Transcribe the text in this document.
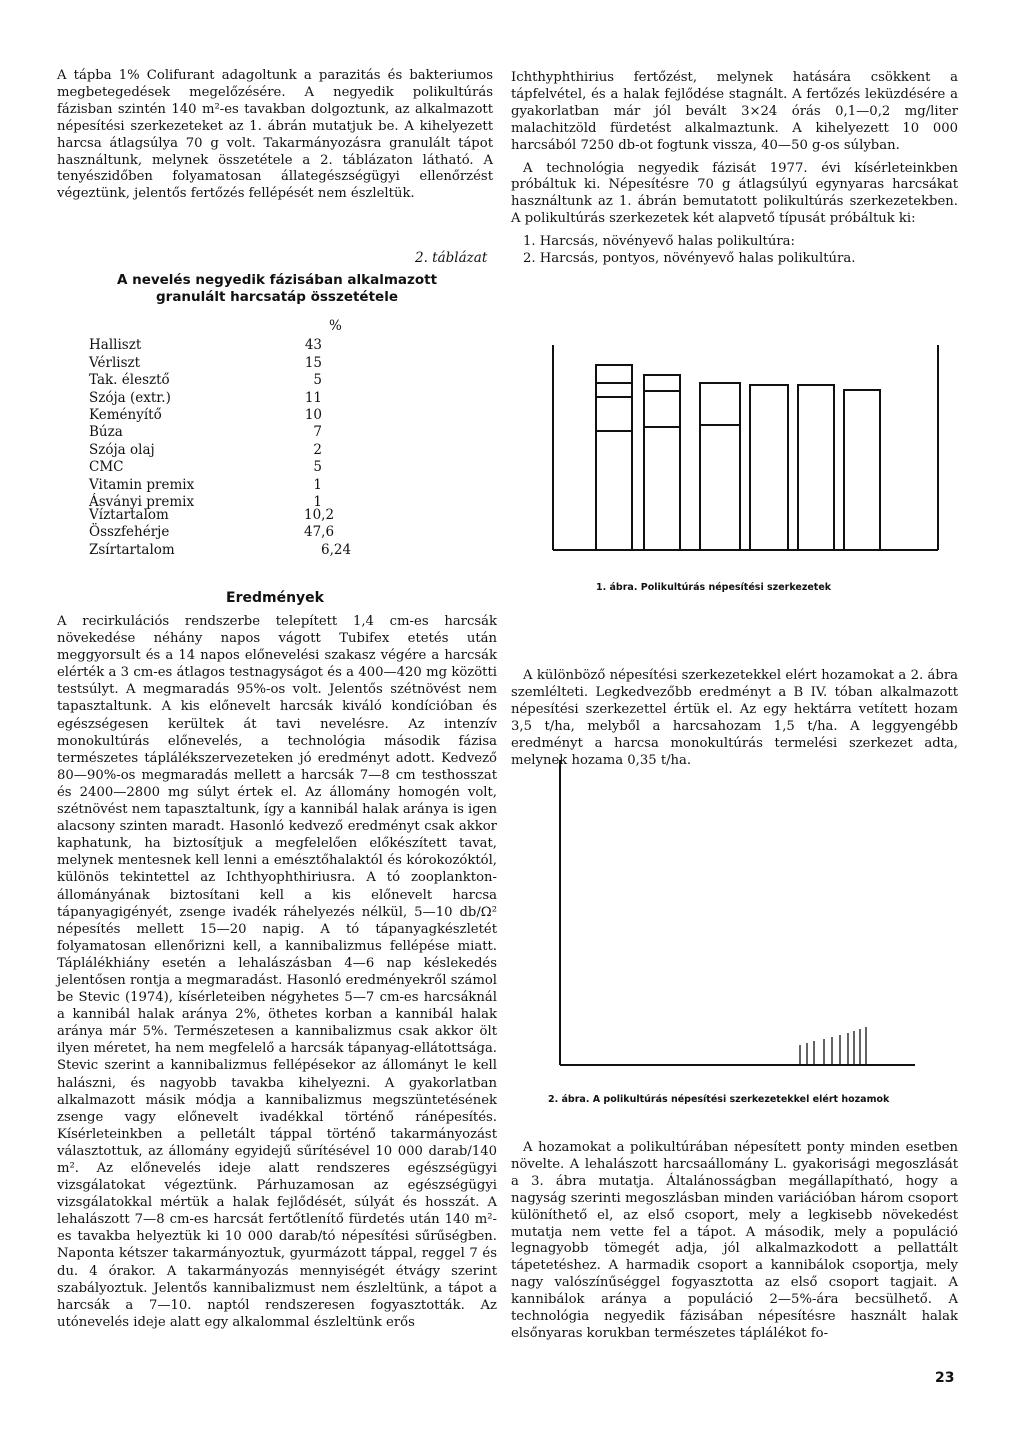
A tápba 1% Colifurant adagoltunk a parazitás és bakteriumos megbetegedések megelőzésére. A negyedik polikultúrás fázisban szintén 140 m²-es tavakban dolgoztunk, az alkalmazott népesítési szerkezeteket az 1. ábrán mutatjuk be. A kihelyezett harcsa átlagsúlya 70 g volt. Takarmányozásra granulált tápot használtunk, melynek összetétele a 2. táblázaton látható. A tenyészidőben folyamatosan állategészségügyi ellenőrzést végeztünk, jelentős fertőzés fellépését nem észleltük.

2. táblázat
A nevelés negyedik fázisában alkalmazott
granulált harcsatáp összetétele
%
Halliszt	43
Vérliszt	15
Tak. élesztő	5
Szója (extr.)	11
Keményítő	10
Búza	7
Szója olaj	2
CMC	5
Vitamin premix	1
Ásványi premix	1
Víztartalom	10,2
Összfehérje	47,6
Zsírtartalom	6,24
Eredmények

A recirkulációs rendszerbe telepített 1,4 cm-es harcsák növekedése néhány napos vágott Tubifex etetés után meggyorsult és a 14 napos előnevelési szakasz végére a harcsák elérték a 3 cm-es átlagos testnagyságot és a 400—420 mg közötti testsúlyt. A megmaradás 95%-os volt. Jelentős szétnövést nem tapasztaltunk. A kis előnevelt harcsák kiváló kondícióban és egészségesen kerültek át tavi nevelésre. Az intenzív monokultúrás előnevelés, a technológia második fázisa természetes táplálékszervezeteken jó eredményt adott. Kedvező 80—90%-os megmaradás mellett a harcsák 7—8 cm testhosszat és 2400—2800 mg súlyt értek el. Az állomány homogén volt, szétnövést nem tapasztaltunk, így a kannibál halak aránya is igen alacsony szinten maradt. Hasonló kedvező eredményt csak akkor kaphatunk, ha biztosítjuk a megfelelően előkészített tavat, melynek mentesnek kell lenni a emésztőhalaktól és kórokozóktól, különös tekintettel az Ichthyophthiriusra. A tó zooplankton-állományának biztosítani kell a kis előnevelt harcsa tápanyagigényét, zsenge ivadék ráhelyezés nélkül, 5—10 db/Ω² népesítés mellett 15—20 napig. A tó tápanyagkészletét folyamatosan ellenőrizni kell, a kannibalizmus fellépése miatt. Táplálékhiány esetén a lehalászásban 4—6 nap késlekedés jelentősen rontja a megmaradást. Hasonló eredményekről számol be Stevic (1974), kísérleteiben négyhetes 5—7 cm-es harcsáknál a kannibál halak aránya 2%, öthetes korban a kannibál halak aránya már 5%. Természetesen a kannibalizmus csak akkor ölt ilyen méretet, ha nem megfelelő a harcsák tápanyag-ellátottsága. Stevic szerint a kannibalizmus fellépésekor az állományt le kell halászni, és nagyobb tavakba kihelyezni. A gyakorlatban alkalmazott másik módja a kannibalizmus megszüntetésének zsenge vagy előnevelt ivadékkal történő ránépesítés. Kísérleteinkben a pelletált táppal történő takarmányozást választottuk, az állomány egyidejű sűrítésével 10 000 darab/140 m². Az előnevelés ideje alatt rendszeres egészségügyi vizsgálatokat végeztünk. Párhuzamosan az egészségügyi vizsgálatokkal mértük a halak fejlődését, súlyát és hosszát. A lehalászott 7—8 cm-es harcsát fertőtlenítő fürdetés után 140 m²-es tavakba helyeztük ki 10 000 darab/tó népesítési sűrűségben. Naponta kétszer takarmányoztuk, gyurmázott táppal, reggel 7 és du. 4 órakor. A takarmányozás mennyiségét étvágy szerint szabályoztuk. Jelentős kannibalizmust nem észleltünk, a tápot a harcsák a 7—10. naptól rendszeresen fogyasztották. Az utónevelés ideje alatt egy alkalommal észleltünk erős

Ichthyphthirius fertőzést, melynek hatására csökkent a tápfelvétel, és a halak fejlődése stagnált. A fertőzés leküzdésére a gyakorlatban már jól bevált 3×24 órás 0,1—0,2 mg/liter malachitzöld fürdetést alkalmaztunk. A kihelyezett 10 000 harcsából 7250 db-ot fogtunk vissza, 40—50 g-os súlyban.

A technológia negyedik fázisát 1977. évi kísérleteinkben próbáltuk ki. Népesítésre 70 g átlagsúlyú egynyaras harcsákat használtunk az 1. ábrán bemutatott polikultúrás szerkezetekben. A polikultúrás szerkezetek két alapvető típusát próbáltuk ki:

1. Harcsás, növényevő halas polikultúra:

2. Harcsás, pontyos, növényevő halas polikultúra.

1. ábra. Polikultúrás népesítési szerkezetek

A különböző népesítési szerkezetekkel elért hozamokat a 2. ábra szemlélteti. Legkedvezőbb eredményt a B IV. tóban alkalmazott népesítési szerkezettel értük el. Az egy hektárra vetített hozam 3,5 t/ha, melyből a harcsahozam 1,5 t/ha. A leggyengébb eredményt a harcsa monokultúrás termelési szerkezet adta, melynek hozama 0,35 t/ha.

2. ábra. A polikultúrás népesítési szerkezetekkel elért hozamok

A hozamokat a polikultúrában népesített ponty minden esetben növelte. A lehalászott harcsaállomány L. gyakorisági megoszlását a 3. ábra mutatja. Általánosságban megállapítható, hogy a nagyság szerinti megoszlásban minden variációban három csoport különíthető el, az első csoport, mely a legkisebb növekedést mutatja nem vette fel a tápot. A második, mely a populáció legnagyobb tömegét adja, jól alkalmazkodott a pellattált tápetetéshez. A harmadik csoport a kannibálok csoportja, mely nagy valószínűséggel fogyasztotta az első csoport tagjait. A kannibálok aránya a populáció 2—5%-ára becsülhető. A technológia negyedik fázisában népesítésre használt halak elsőnyaras korukban természetes táplálékot fo-

23
